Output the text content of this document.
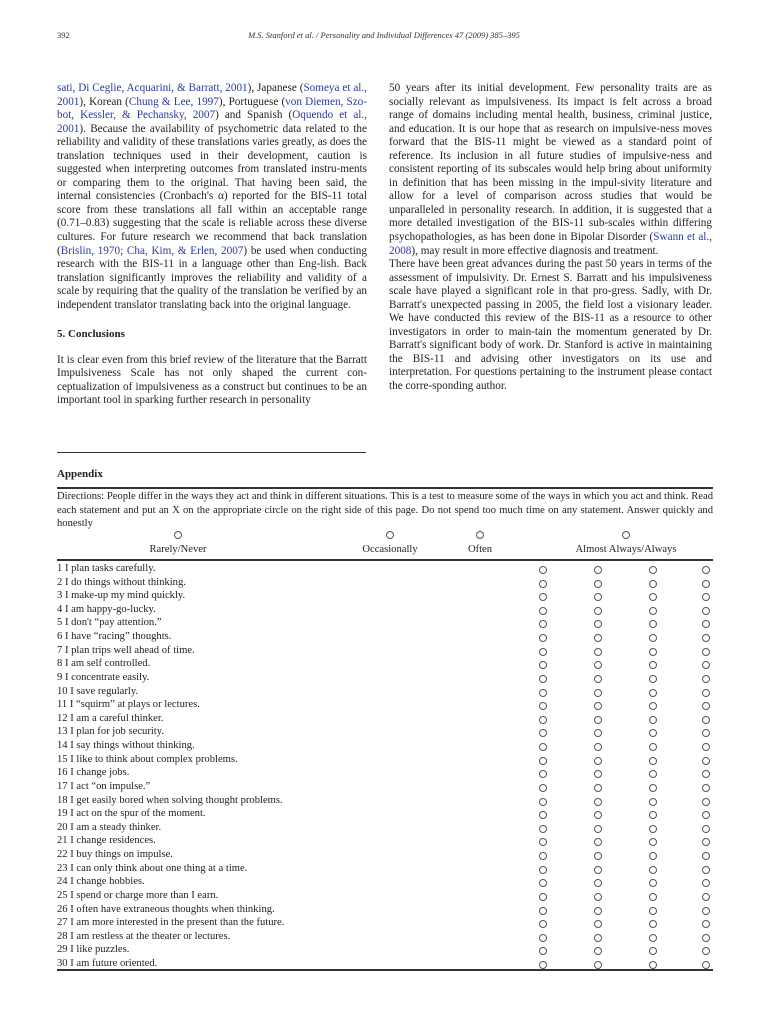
392	M.S. Stanford et al. / Personality and Individual Differences 47 (2009) 385–395

sati, Di Ceglie, Acquarini, & Barratt, 2001), Japanese (Someya et al., 2001), Korean (Chung & Lee, 1997), Portuguese (von Diemen, Szo-bot, Kessler, & Pechansky, 2007) and Spanish (Oquendo et al., 2001). Because the availability of psychometric data related to the reliability and validity of these translations varies greatly, as does the translation techniques used in their development, caution is suggested when interpreting outcomes from translated instru-ments or comparing them to the original. That having been said, the internal consistencies (Cronbach's α) reported for the BIS-11 total score from these translations all fall within an acceptable range (0.71–0.83) suggesting that the scale is reliable across these diverse cultures. For future research we recommend that back translation (Brislin, 1970; Cha, Kim, & Erlen, 2007) be used when conducting research with the BIS-11 in a language other than Eng-lish. Back translation significantly improves the reliability and validity of a scale by requiring that the quality of the translation be verified by an independent translator translating back into the original language.

5. Conclusions

It is clear even from this brief review of the literature that the Barratt Impulsiveness Scale has not only shaped the current con-ceptualization of impulsiveness as a construct but continues to be an important tool in sparking further research in personality

50 years after its initial development. Few personality traits are as socially relevant as impulsiveness. Its impact is felt across a broad range of domains including mental health, business, criminal justice, and education. It is our hope that as research on impulsive-ness moves forward that the BIS-11 might be viewed as a standard point of reference. Its inclusion in all future studies of impulsive-ness and consistent reporting of its subscales would help bring about uniformity in definition that has been missing in the impul-sivity literature and allow for a level of comparison across studies that would be unparalleled in personality research. In addition, it is suggested that a more detailed investigation of the BIS-11 sub-scales within differing psychopathologies, as has been done in Bipolar Disorder (Swann et al., 2008), may result in more effective diagnosis and treatment.

There have been great advances during the past 50 years in terms of the assessment of impulsivity. Dr. Ernest S. Barratt and his impulsiveness scale have played a significant role in that pro-gress. Sadly, with Dr. Barratt's unexpected passing in 2005, the field lost a visionary leader. We have conducted this review of the BIS-11 as a resource to other investigators in order to main-tain the momentum generated by Dr. Barratt's significant body of work. Dr. Stanford is active in maintaining the BIS-11 and advising other investigators on its use and interpretation. For questions pertaining to the instrument please contact the corre-sponding author.

Appendix
Directions: People differ in the ways they act and think in different situations. This is a test to measure some of the ways in which you act and think. Read each statement and put an X on the appropriate circle on the right side of this page. Do not spend too much time on any statement. Answer quickly and honestly
Rarely/Never	Occasionally	Often	Almost Always/Always
1 I plan tasks carefully.
2 I do things without thinking.
3 I make-up my mind quickly.
4 I am happy-go-lucky.
5 I don't “pay attention.”
6 I have “racing” thoughts.
7 I plan trips well ahead of time.
8 I am self controlled.
9 I concentrate easily.
10 I save regularly.
11 I “squirm” at plays or lectures.
12 I am a careful thinker.
13 I plan for job security.
14 I say things without thinking.
15 I like to think about complex problems.
16 I change jobs.
17 I act “on impulse.”
18 I get easily bored when solving thought problems.
19 I act on the spur of the moment.
20 I am a steady thinker.
21 I change residences.
22 I buy things on impulse.
23 I can only think about one thing at a time.
24 I change hobbies.
25 I spend or charge more than I earn.
26 I often have extraneous thoughts when thinking.
27 I am more interested in the present than the future.
28 I am restless at the theater or lectures.
29 I like puzzles.
30 I am future oriented.
